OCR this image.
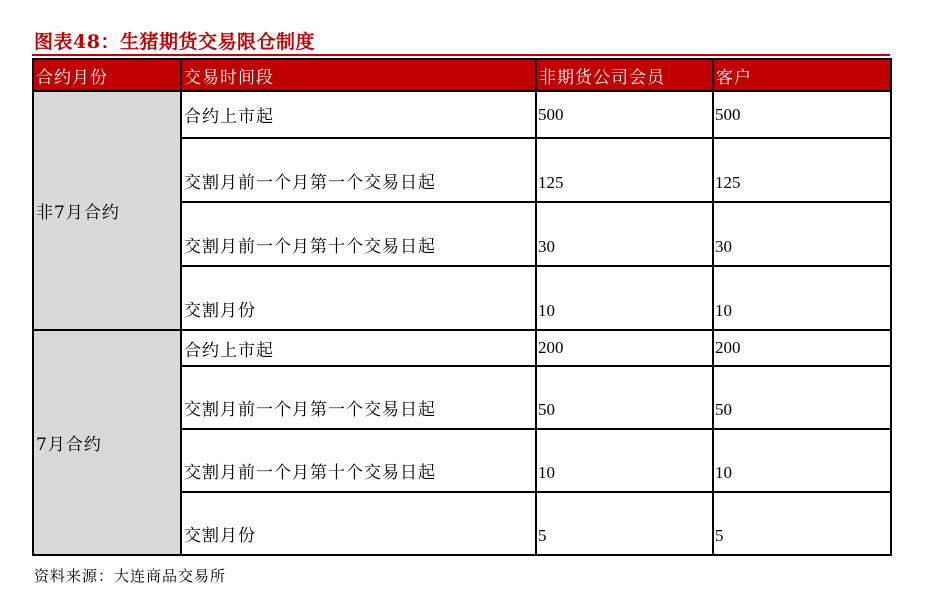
图表48：生猪期货交易限仓制度
合约月份	交易时间段	非期货公司会员	客户
非7月合约	合约上市起	500	500
	交割月前一个月第一个交易日起	125	125
	交割月前一个月第十个交易日起	30	30
	交割月份	10	10
7月合约	合约上市起	200	200
	交割月前一个月第一个交易日起	50	50
	交割月前一个月第十个交易日起	10	10
	交割月份	5	5
资料来源：大连商品交易所
